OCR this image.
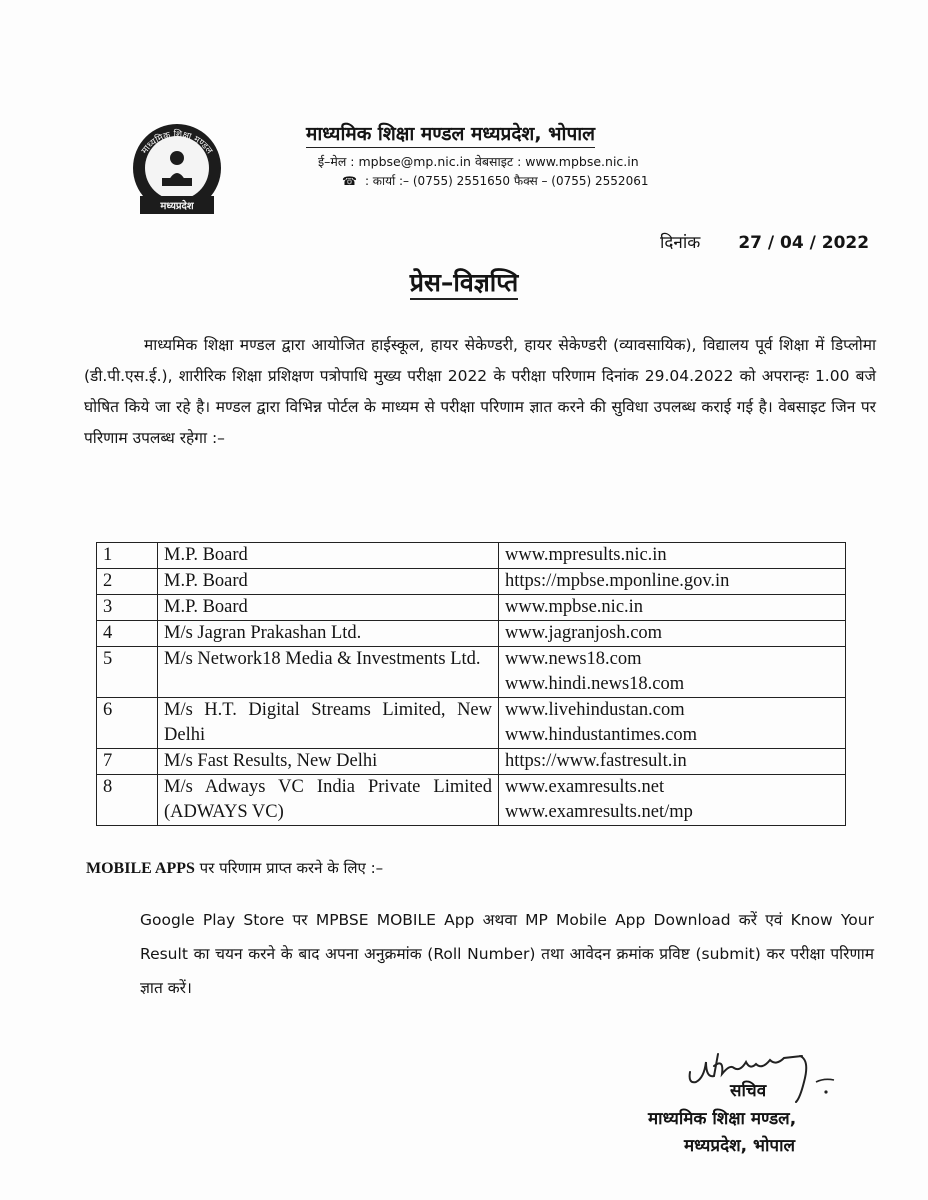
माध्यमिक शिक्षा मण्डल
मध्यप्रदेश
माध्यमिक शिक्षा मण्डल मध्यप्रदेश, भोपाल
ई–मेल : mpbse@mp.nic.in वेबसाइट : www.mpbse.nic.in
☎ : कार्या :– (0755) 2551650 फैक्स – (0755) 2552061
दिनांक 27 / 04 / 2022
प्रेस–विज्ञप्ति
माध्यमिक शिक्षा मण्डल द्वारा आयोजित हाईस्कूल, हायर सेकेण्डरी, हायर सेकेण्डरी (व्यावसायिक), विद्यालय पूर्व शिक्षा में डिप्लोमा (डी.पी.एस.ई.), शारीरिक शिक्षा प्रशिक्षण पत्रोपाधि मुख्य परीक्षा 2022 के परीक्षा परिणाम दिनांक 29.04.2022 को अपरान्हः 1.00 बजे घोषित किये जा रहे है। मण्डल द्वारा विभिन्न पोर्टल के माध्यम से परीक्षा परिणाम ज्ञात करने की सुविधा उपलब्ध कराई गई है। वेबसाइट जिन पर परिणाम उपलब्ध रहेगा :–
1	M.P. Board	www.mpresults.nic.in

2	M.P. Board	https://mpbse.mponline.gov.in

3	M.P. Board	www.mpbse.nic.in

4	M/s Jagran Prakashan Ltd.	www.jagranjosh.com

5	M/s Network18 Media & Investments Ltd.	www.news18.com
www.hindi.news18.com

6	M/s H.T. Digital Streams Limited, New Delhi	www.livehindustan.com
www.hindustantimes.com

7	M/s Fast Results, New Delhi	https://www.fastresult.in

8	M/s Adways VC India Private Limited (ADWAYS VC)	www.examresults.net
www.examresults.net/mp
MOBILE APPS पर परिणाम प्राप्त करने के लिए :–
Google Play Store पर MPBSE MOBILE App अथवा MP Mobile App Download करें एवं Know Your Result का चयन करने के बाद अपना अनुक्रमांक (Roll Number) तथा आवेदन क्रमांक प्रविष्ट (submit) कर परीक्षा परिणाम ज्ञात करें।
सचिव
माध्यमिक शिक्षा मण्डल,
मध्यप्रदेश, भोपाल
